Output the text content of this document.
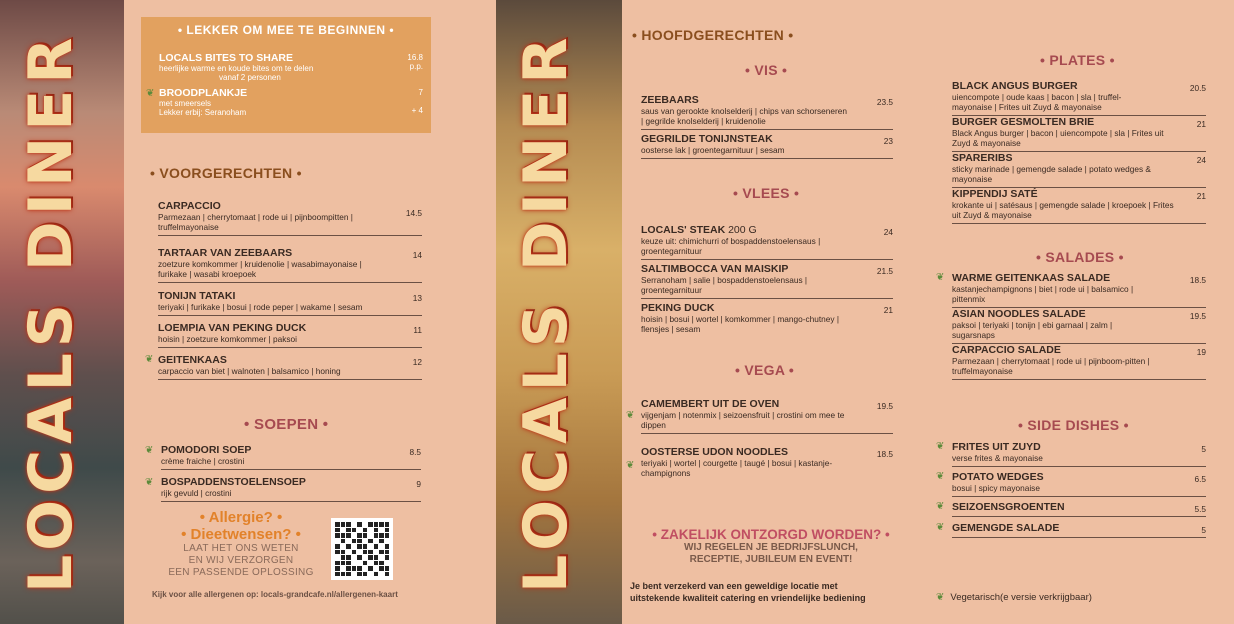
LOCALS DINER	LOCALS DINER
• LEKKER OM MEE TE BEGINNEN •
LOCALS BITES TO SHARE
heerlijke warme en koude bites om te delen
vanaf 2 personen
16.8
p.p.
❦ BROODPLANKJE
met smeersels
Lekker erbij: Seranoham
7

+ 4
• VOORGERECHTEN •
CARPACCIO
Parmezaan | cherrytomaat | rode ui | pijnboompitten | truffelmayonaise
14.5
TARTAAR VAN ZEEBAARS
zoetzure komkommer | kruidenolie | wasabimayonaise | furikake | wasabi kroepoek
14
TONIJN TATAKI
teriyaki | furikake | bosui | rode peper | wakame | sesam
13
LOEMPIA VAN PEKING DUCK
hoisin | zoetzure komkommer | paksoi
11
❦ GEITENKAAS
carpaccio van biet | walnoten | balsamico | honing
12
• SOEPEN •
❦ POMODORI SOEP
crème fraiche | crostini
8.5
❦ BOSPADDENSTOELENSOEP
rijk gevuld | crostini
9
• Allergie? •
• Dieetwensen? •
LAAT HET ONS WETEN
EN WIJ VERZORGEN
EEN PASSENDE OPLOSSING
Kijk voor alle allergenen op: locals-grandcafe.nl/allergenen-kaart
• HOOFDGERECHTEN •
• VIS •
ZEEBAARS
saus van gerookte knolselderij | chips van schorseneren | gegrilde knolselderij | kruidenolie
23.5
GEGRILDE TONIJNSTEAK
oosterse lak | groentegarnituur | sesam
23
• VLEES •
LOCALS' STEAK 200 G
keuze uit: chimichurri of bospaddenstoelensaus | groentegarnituur
24
SALTIMBOCCA VAN MAISKIP
Serranoham | salie | bospaddenstoelensaus | groentegarnituur
21.5
PEKING DUCK
hoisin | bosui | wortel | komkommer | mango-chutney | flensjes | sesam
21
• VEGA •
❦
CAMEMBERT UIT DE OVEN
vijgenjam | notenmix | seizoensfruit | crostini om mee te dippen
19.5
❦
OOSTERSE UDON NOODLES
teriyaki | wortel | courgette | taugé | bosui | kastanje-champignons
18.5
• ZAKELIJK ONTZORGD WORDEN? •
WIJ REGELEN JE BEDRIJFSLUNCH,
RECEPTIE, JUBILEUM EN EVENT!
Je bent verzekerd van een geweldige locatie met
uitstekende kwaliteit catering en vriendelijke bediening
• PLATES •
BLACK ANGUS BURGER
uiencompote | oude kaas | bacon | sla | truffel-mayonaise | Frites uit Zuyd & mayonaise
20.5
BURGER GESMOLTEN BRIE
Black Angus burger | bacon | uiencompote | sla | Frites uit Zuyd & mayonaise
21
SPARERIBS
sticky marinade | gemengde salade | potato wedges & mayonaise
24
KIPPENDIJ SATÉ
krokante ui | satésaus | gemengde salade | kroepoek | Frites uit Zuyd & mayonaise
21
• SALADES •
❦ WARME GEITENKAAS SALADE
kastanjechampignons | biet | rode ui | balsamico | pittenmix
18.5
ASIAN NOODLES SALADE
paksoi | teriyaki | tonijn | ebi garnaal | zalm | sugarsnaps
19.5
CARPACCIO SALADE
Parmezaan | cherrytomaat | rode ui | pijnboom-pitten | truffelmayonaise
19
• SIDE DISHES •
❦ FRITES UIT ZUYD
verse frites & mayonaise
5
❦ POTATO WEDGES
bosui | spicy mayonaise
6.5
❦ SEIZOENSGROENTEN	5.5
❦ GEMENGDE SALADE	5
❦ Vegetarisch(e versie verkrijgbaar)
